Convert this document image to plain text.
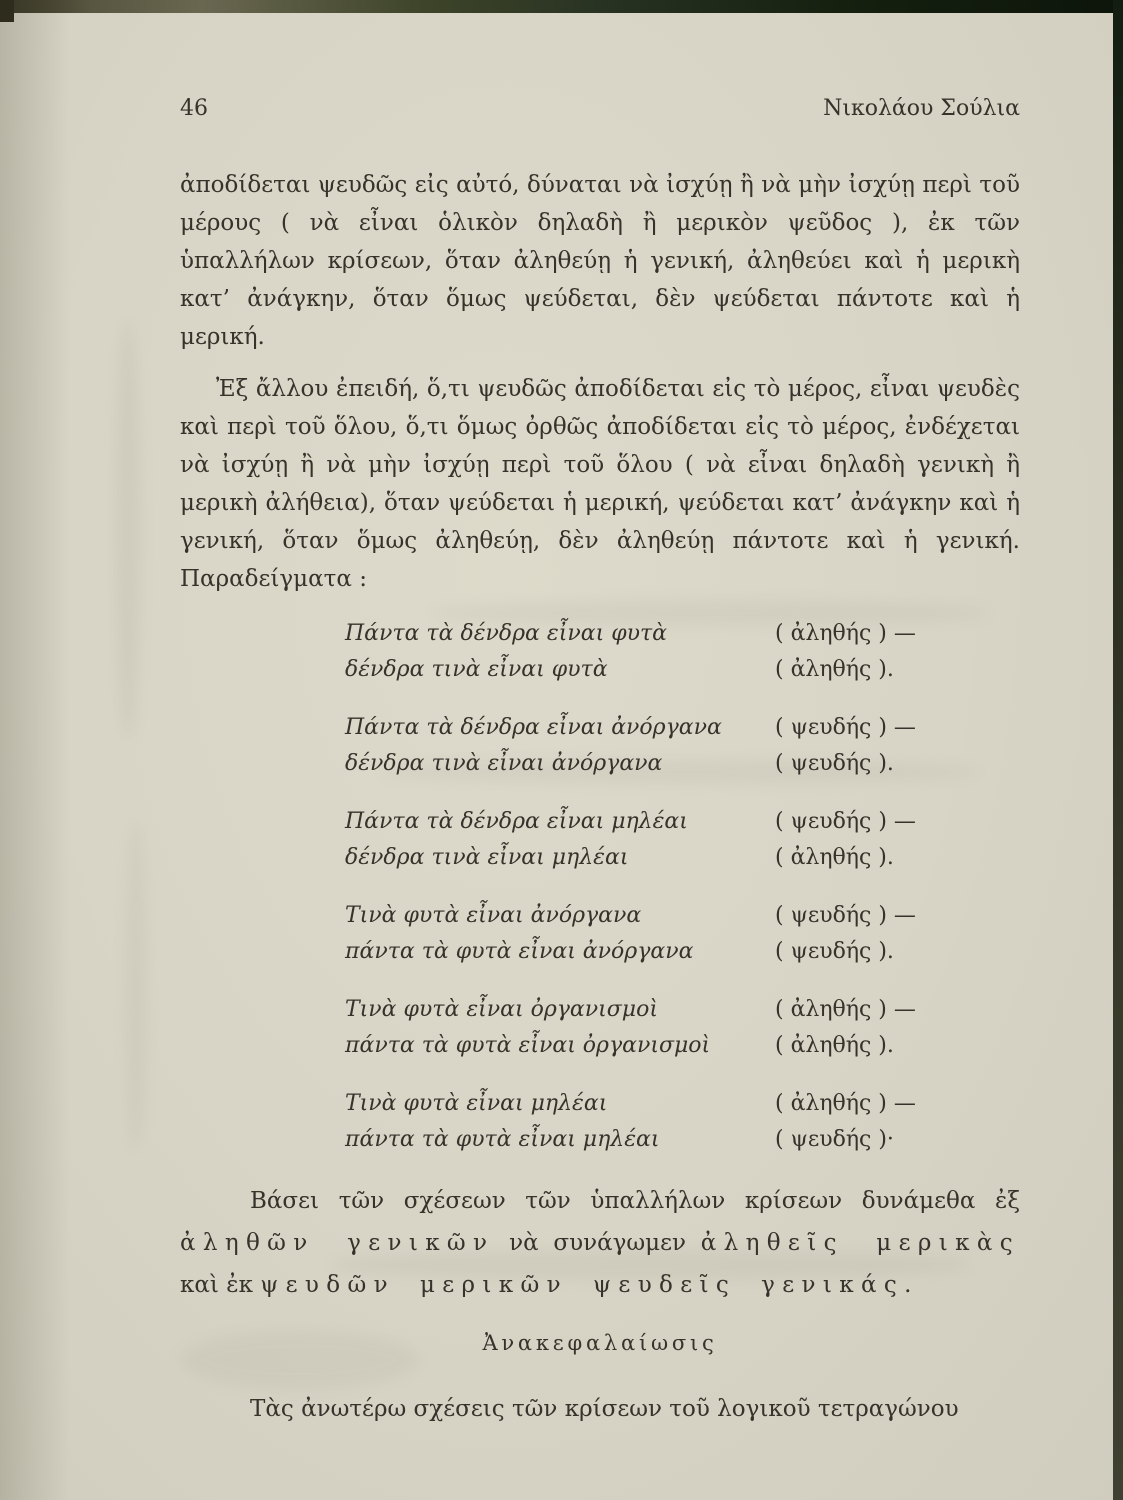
46	Νικολάου Σούλια

ἀποδίδεται ψευδῶς εἰς αὐτό, δύναται νὰ ἰσχύῃ ἢ νὰ μὴν ἰσχύῃ περὶ τοῦ μέρους ( νὰ εἶναι ὁλικὸν δηλαδὴ ἢ μερικὸν ψεῦδος ), ἐκ τῶν ὑπαλλήλων κρίσεων, ὅταν ἀληθεύῃ ἡ γενική, ἀληθεύει καὶ ἡ μερικὴ κατ’ ἀνάγκην, ὅταν ὅμως ψεύδεται, δὲν ψεύδεται πάντοτε καὶ ἡ μερική.

Ἐξ ἄλλου ἐπειδή, ὅ,τι ψευδῶς ἀποδίδεται εἰς τὸ μέρος, εἶναι ψευδὲς καὶ περὶ τοῦ ὅλου, ὅ,τι ὅμως ὀρθῶς ἀποδίδεται εἰς τὸ μέρος, ἐνδέχεται νὰ ἰσχύῃ ἢ νὰ μὴν ἰσχύῃ περὶ τοῦ ὅλου ( νὰ εἶναι δηλαδὴ γενικὴ ἢ μερικὴ ἀλήθεια), ὅταν ψεύδεται ἡ μερική, ψεύδεται κατ’ ἀνάγκην καὶ ἡ γενική, ὅταν ὅμως ἀληθεύῃ, δὲν ἀληθεύῃ πάντοτε καὶ ἡ γενική. Παραδείγματα :

Πάντα τὰ δένδρα εἶναι φυτὰ	( ἀληθής ) —
δένδρα τινὰ εἶναι φυτὰ	( ἀληθής ).
Πάντα τὰ δένδρα εἶναι ἀνόργανα	( ψευδής ) —
δένδρα τινὰ εἶναι ἀνόργανα	( ψευδής ).
Πάντα τὰ δένδρα εἶναι μηλέαι	( ψευδής ) —
δένδρα τινὰ εἶναι μηλέαι	( ἀληθής ).
Τινὰ φυτὰ εἶναι ἀνόργανα	( ψευδής ) —
πάντα τὰ φυτὰ εἶναι ἀνόργανα	( ψευδής ).
Τινὰ φυτὰ εἶναι ὀργανισμοὶ	( ἀληθής ) —
πάντα τὰ φυτὰ εἶναι ὀργανισμοὶ	( ἀληθής ).
Τινὰ φυτὰ εἶναι μηλέαι	( ἀληθής ) —
πάντα τὰ φυτὰ εἶναι μηλέαι	( ψευδής )·

Βάσει τῶν σχέσεων τῶν ὑπαλλήλων κρίσεων δυνάμεθα ἐξ ἀληθῶν γενικῶν νὰ συνάγωμεν ἀληθεῖς μερικὰς καὶ ἐκ ψευδῶν μερικῶν ψευδεῖς γενικάς.

Ἀνακεφαλαίωσις

Τὰς ἀνωτέρω σχέσεις τῶν κρίσεων τοῦ λογικοῦ τετραγώνου
